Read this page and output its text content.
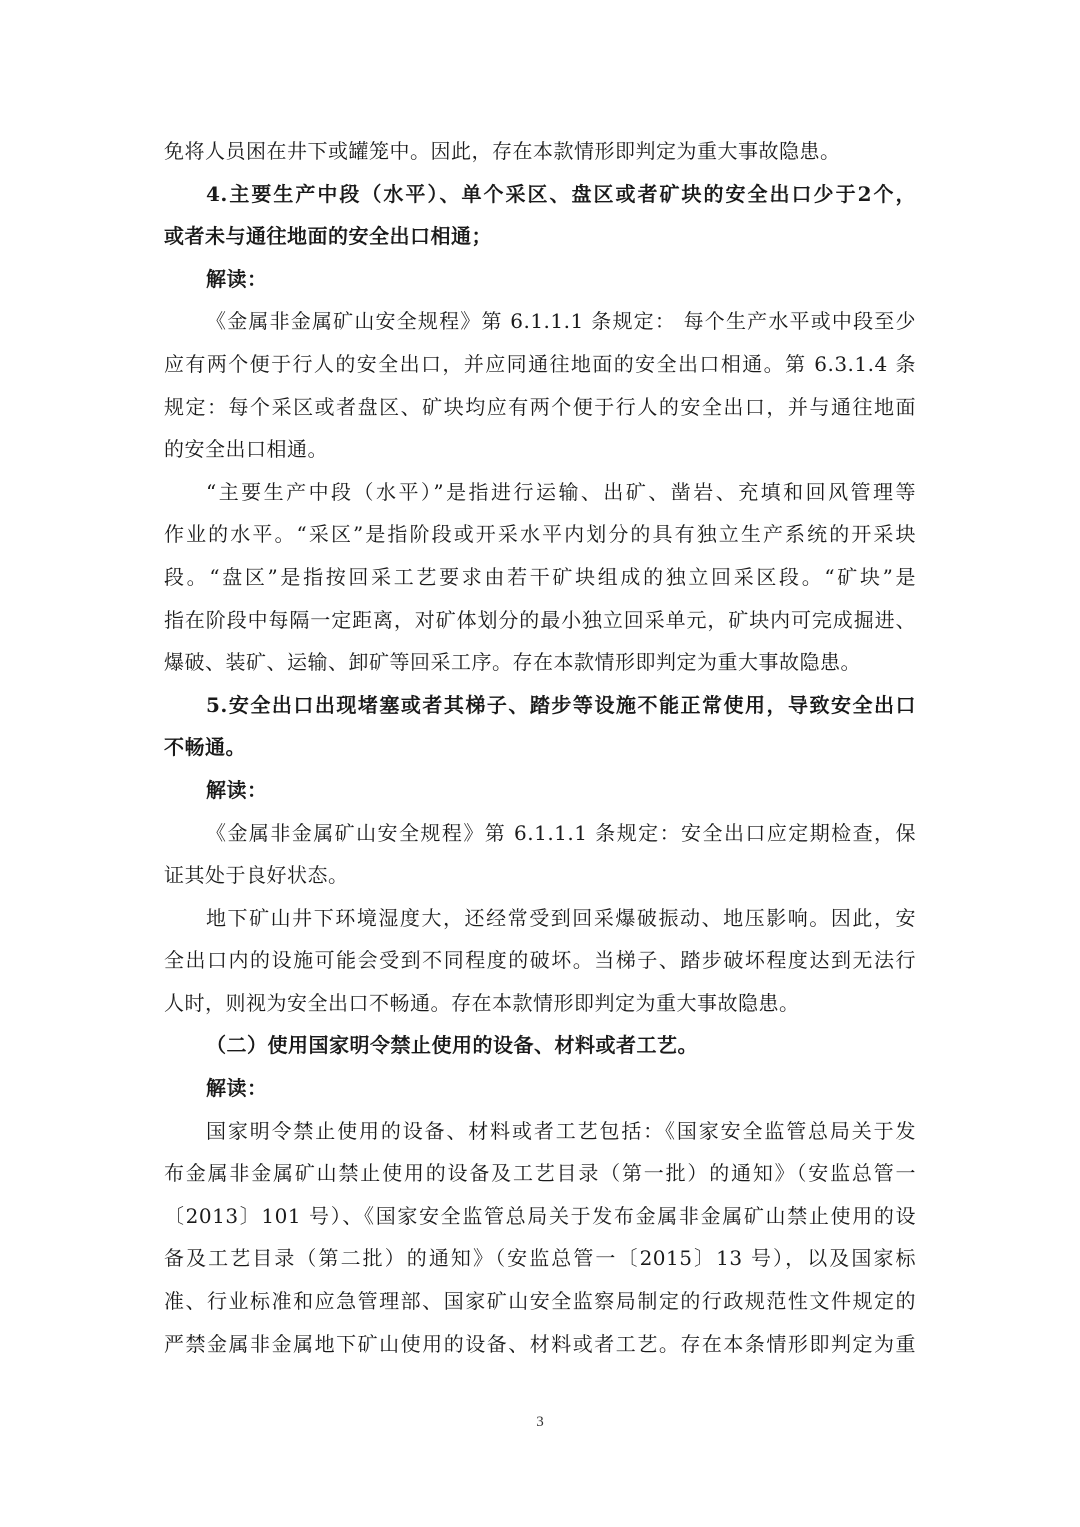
免将人员困在井下或罐笼中。因此，存在本款情形即判定为重大事故隐患。
4.主要生产中段（水平）、单个采区、盘区或者矿块的安全出口少于2个，
或者未与通往地面的安全出口相通；
解读：
《金属非金属矿山安全规程》第 6.1.1.1 条规定： 每个生产水平或中段至少
应有两个便于行人的安全出口，并应同通往地面的安全出口相通。第 6.3.1.4 条
规定：每个采区或者盘区、矿块均应有两个便于行人的安全出口，并与通往地面
的安全出口相通。
“主要生产中段（水平）”是指进行运输、出矿、凿岩、充填和回风管理等
作业的水平。“采区”是指阶段或开采水平内划分的具有独立生产系统的开采块
段。“盘区”是指按回采工艺要求由若干矿块组成的独立回采区段。“矿块”是
指在阶段中每隔一定距离，对矿体划分的最小独立回采单元，矿块内可完成掘进、
爆破、装矿、运输、卸矿等回采工序。存在本款情形即判定为重大事故隐患。
5.安全出口出现堵塞或者其梯子、踏步等设施不能正常使用，导致安全出口
不畅通。
解读：
《金属非金属矿山安全规程》第 6.1.1.1 条规定：安全出口应定期检查，保
证其处于良好状态。
地下矿山井下环境湿度大，还经常受到回采爆破振动、地压影响。因此，安
全出口内的设施可能会受到不同程度的破坏。当梯子、踏步破坏程度达到无法行
人时，则视为安全出口不畅通。存在本款情形即判定为重大事故隐患。
（二）使用国家明令禁止使用的设备、材料或者工艺。
解读：
国家明令禁止使用的设备、材料或者工艺包括：《国家安全监管总局关于发
布金属非金属矿山禁止使用的设备及工艺目录（第一批）的通知》（安监总管一
〔2013〕101 号）、《国家安全监管总局关于发布金属非金属矿山禁止使用的设
备及工艺目录（第二批）的通知》（安监总管一〔2015〕13 号），以及国家标
准、行业标准和应急管理部、国家矿山安全监察局制定的行政规范性文件规定的
严禁金属非金属地下矿山使用的设备、材料或者工艺。存在本条情形即判定为重
3
